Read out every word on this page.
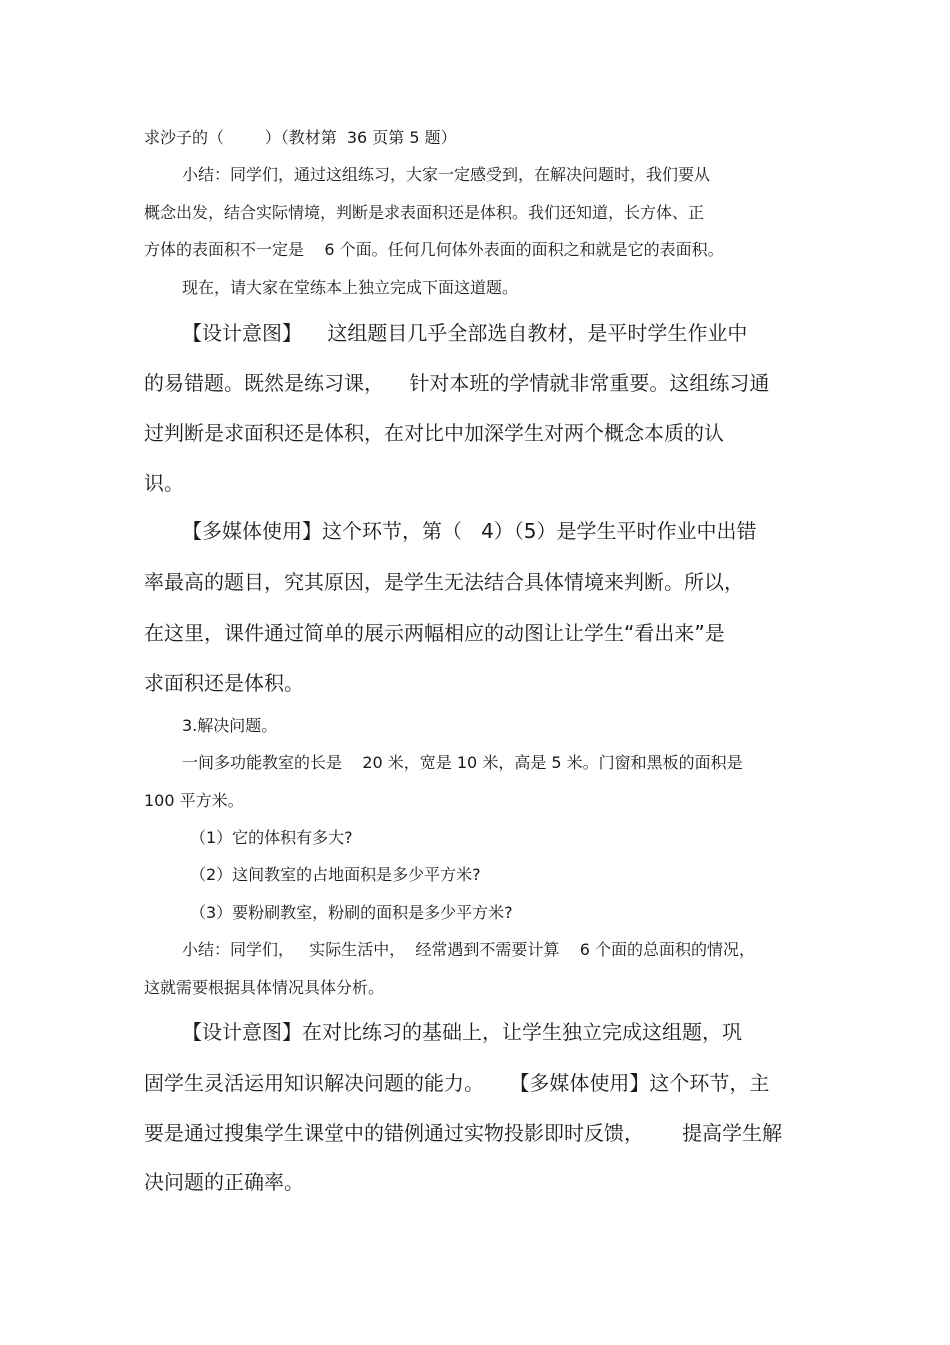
求沙子的（        ）（教材第  36 页第 5 题）
小结：同学们，通过这组练习，大家一定感受到，在解决问题时，我们要从
概念出发，结合实际情境，判断是求表面积还是体积。我们还知道，长方体、正
方体的表面积不一定是    6 个面。任何几何体外表面的面积之和就是它的表面积。
现在，请大家在堂练本上独立完成下面这道题。
【设计意图】    这组题目几乎全部选自教材，是平时学生作业中
的易错题。既然是练习课，    针对本班的学情就非常重要。这组练习通
过判断是求面积还是体积，在对比中加深学生对两个概念本质的认
识。
【多媒体使用】这个环节，第（   4）（5）是学生平时作业中出错
率最高的题目，究其原因，是学生无法结合具体情境来判断。所以，
在这里，课件通过简单的展示两幅相应的动图让让学生“看出来”是
求面积还是体积。
3.解决问题。
一间多功能教室的长是    20 米，宽是 10 米，高是 5 米。门窗和黑板的面积是
100 平方米。
（1）它的体积有多大?
（2）这间教室的占地面积是多少平方米?
（3）要粉刷教室，粉刷的面积是多少平方米?
小结：同学们，   实际生活中，  经常遇到不需要计算    6 个面的总面积的情况，
这就需要根据具体情况具体分析。
【设计意图】在对比练习的基础上，让学生独立完成这组题，巩
固学生灵活运用知识解决问题的能力。    【多媒体使用】这个环节，主
要是通过搜集学生课堂中的错例通过实物投影即时反馈，      提高学生解
决问题的正确率。
